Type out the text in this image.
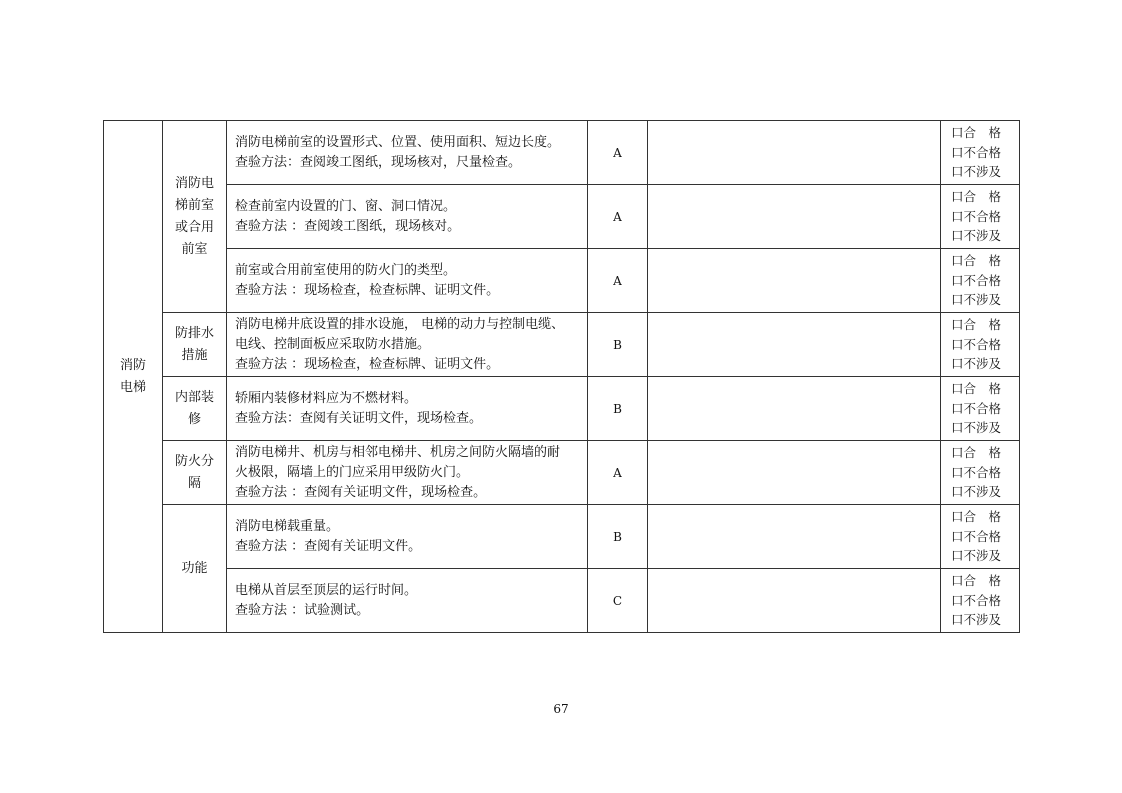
消防电梯	消防电梯前室或合用前室	消防电梯前室的设置形式、位置、使用面积、短边长度。
查验方法：查阅竣工图纸，现场核对，尺量检查。	A		口合　格
口不合格
口不涉及

		检查前室内设置的门、窗、洞口情况。
查验方法 ：查阅竣工图纸，现场核对。	A		口合　格
口不合格
口不涉及

		前室或合用前室使用的防火门的类型。
查验方法 ：现场检查，检查标牌、证明文件。	A		口合　格
口不合格
口不涉及

	防排水措施	消防电梯井底设置的排水设施， 电梯的动力与控制电缆、
电线、控制面板应采取防水措施。
查验方法 ：现场检查，检查标牌、证明文件。	B		口合　格
口不合格
口不涉及

	内部装修	轿厢内装修材料应为不燃材料。
查验方法：查阅有关证明文件，现场检查。	B		口合　格
口不合格
口不涉及

	防火分隔	消防电梯井、机房与相邻电梯井、机房之间防火隔墙的耐
火极限，隔墙上的门应采用甲级防火门。
查验方法 ：查阅有关证明文件，现场检查。	A		口合　格
口不合格
口不涉及

	功能	消防电梯载重量。
查验方法 ：查阅有关证明文件。	B		口合　格
口不合格
口不涉及

		电梯从首层至顶层的运行时间。
查验方法 ：试验测试。	C		口合　格
口不合格
口不涉及
67
